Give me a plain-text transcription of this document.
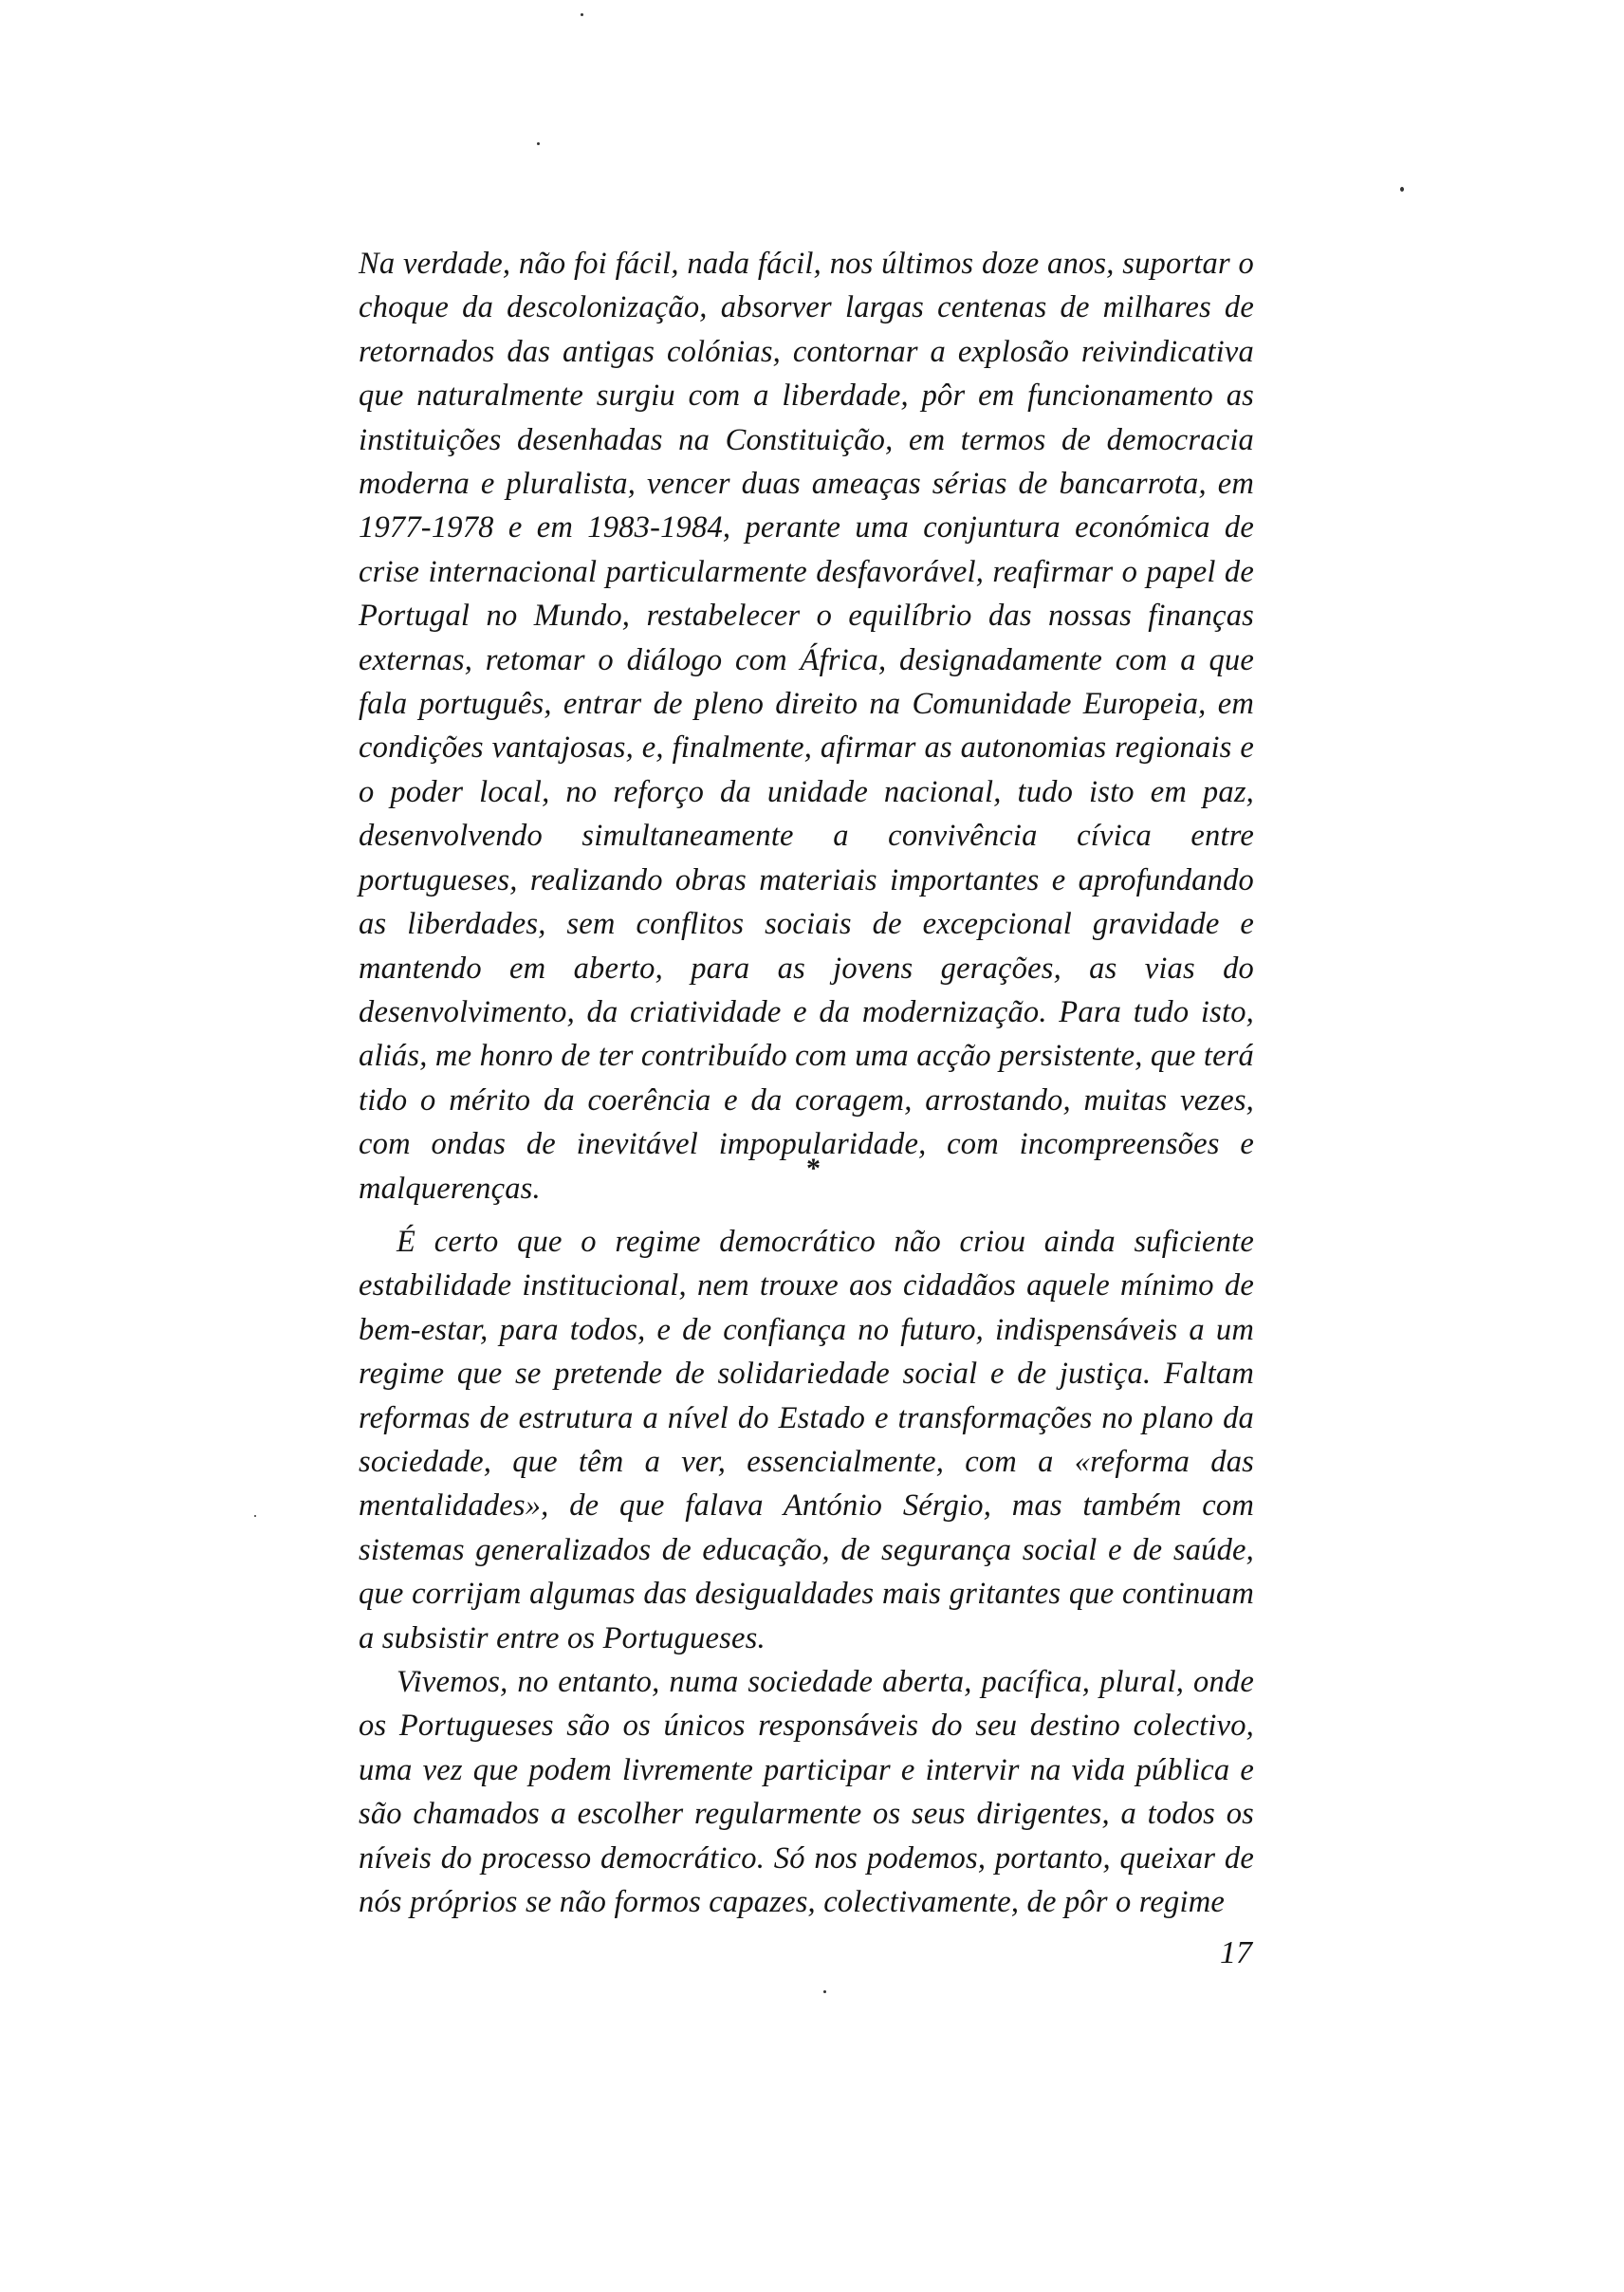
Na verdade, não foi fácil, nada fácil, nos últimos doze anos, suportar o choque da descolonização, absorver largas centenas de milhares de retornados das antigas colónias, contornar a explosão reivindicativa que naturalmente surgiu com a liberdade, pôr em funcionamento as instituições desenhadas na Constituição, em termos de democracia moderna e pluralista, vencer duas ameaças sérias de bancarrota, em 1977-1978 e em 1983-1984, perante uma conjuntura económica de crise internacional particularmente desfavorável, reafirmar o papel de Portugal no Mundo, restabelecer o equilíbrio das nossas finanças externas, retomar o diálogo com África, designadamente com a que fala português, entrar de pleno direito na Comunidade Europeia, em condições vantajosas, e, finalmente, afirmar as autonomias regionais e o poder local, no reforço da unidade nacional, tudo isto em paz, desenvolvendo simultaneamente a convivência cívica entre portugueses, realizando obras materiais importantes e aprofundando as liberdades, sem conflitos sociais de excepcional gravidade e mantendo em aberto, para as jovens gerações, as vias do desenvolvimento, da criatividade e da modernização. Para tudo isto, aliás, me honro de ter contribuído com uma acção persistente, que terá tido o mérito da coerência e da coragem, arrostando, muitas vezes, com ondas de inevitável impopularidade, com incompreensões e malquerenças.

*

É certo que o regime democrático não criou ainda suficiente estabilidade institucional, nem trouxe aos cidadãos aquele mínimo de bem-estar, para todos, e de confiança no futuro, indispensáveis a um regime que se pretende de solidariedade social e de justiça. Faltam reformas de estrutura a nível do Estado e transformações no plano da sociedade, que têm a ver, essencialmente, com a «reforma das mentalidades», de que falava António Sérgio, mas também com sistemas generalizados de educação, de segurança social e de saúde, que corrijam algumas das desigualdades mais gritantes que continuam a subsistir entre os Portugueses.

Vivemos, no entanto, numa sociedade aberta, pacífica, plural, onde os Portugueses são os únicos responsáveis do seu destino colectivo, uma vez que podem livremente participar e intervir na vida pública e são chamados a escolher regularmente os seus dirigentes, a todos os níveis do processo democrático. Só nos podemos, portanto, queixar de nós próprios se não formos capazes, colectivamente, de pôr o regime

17
